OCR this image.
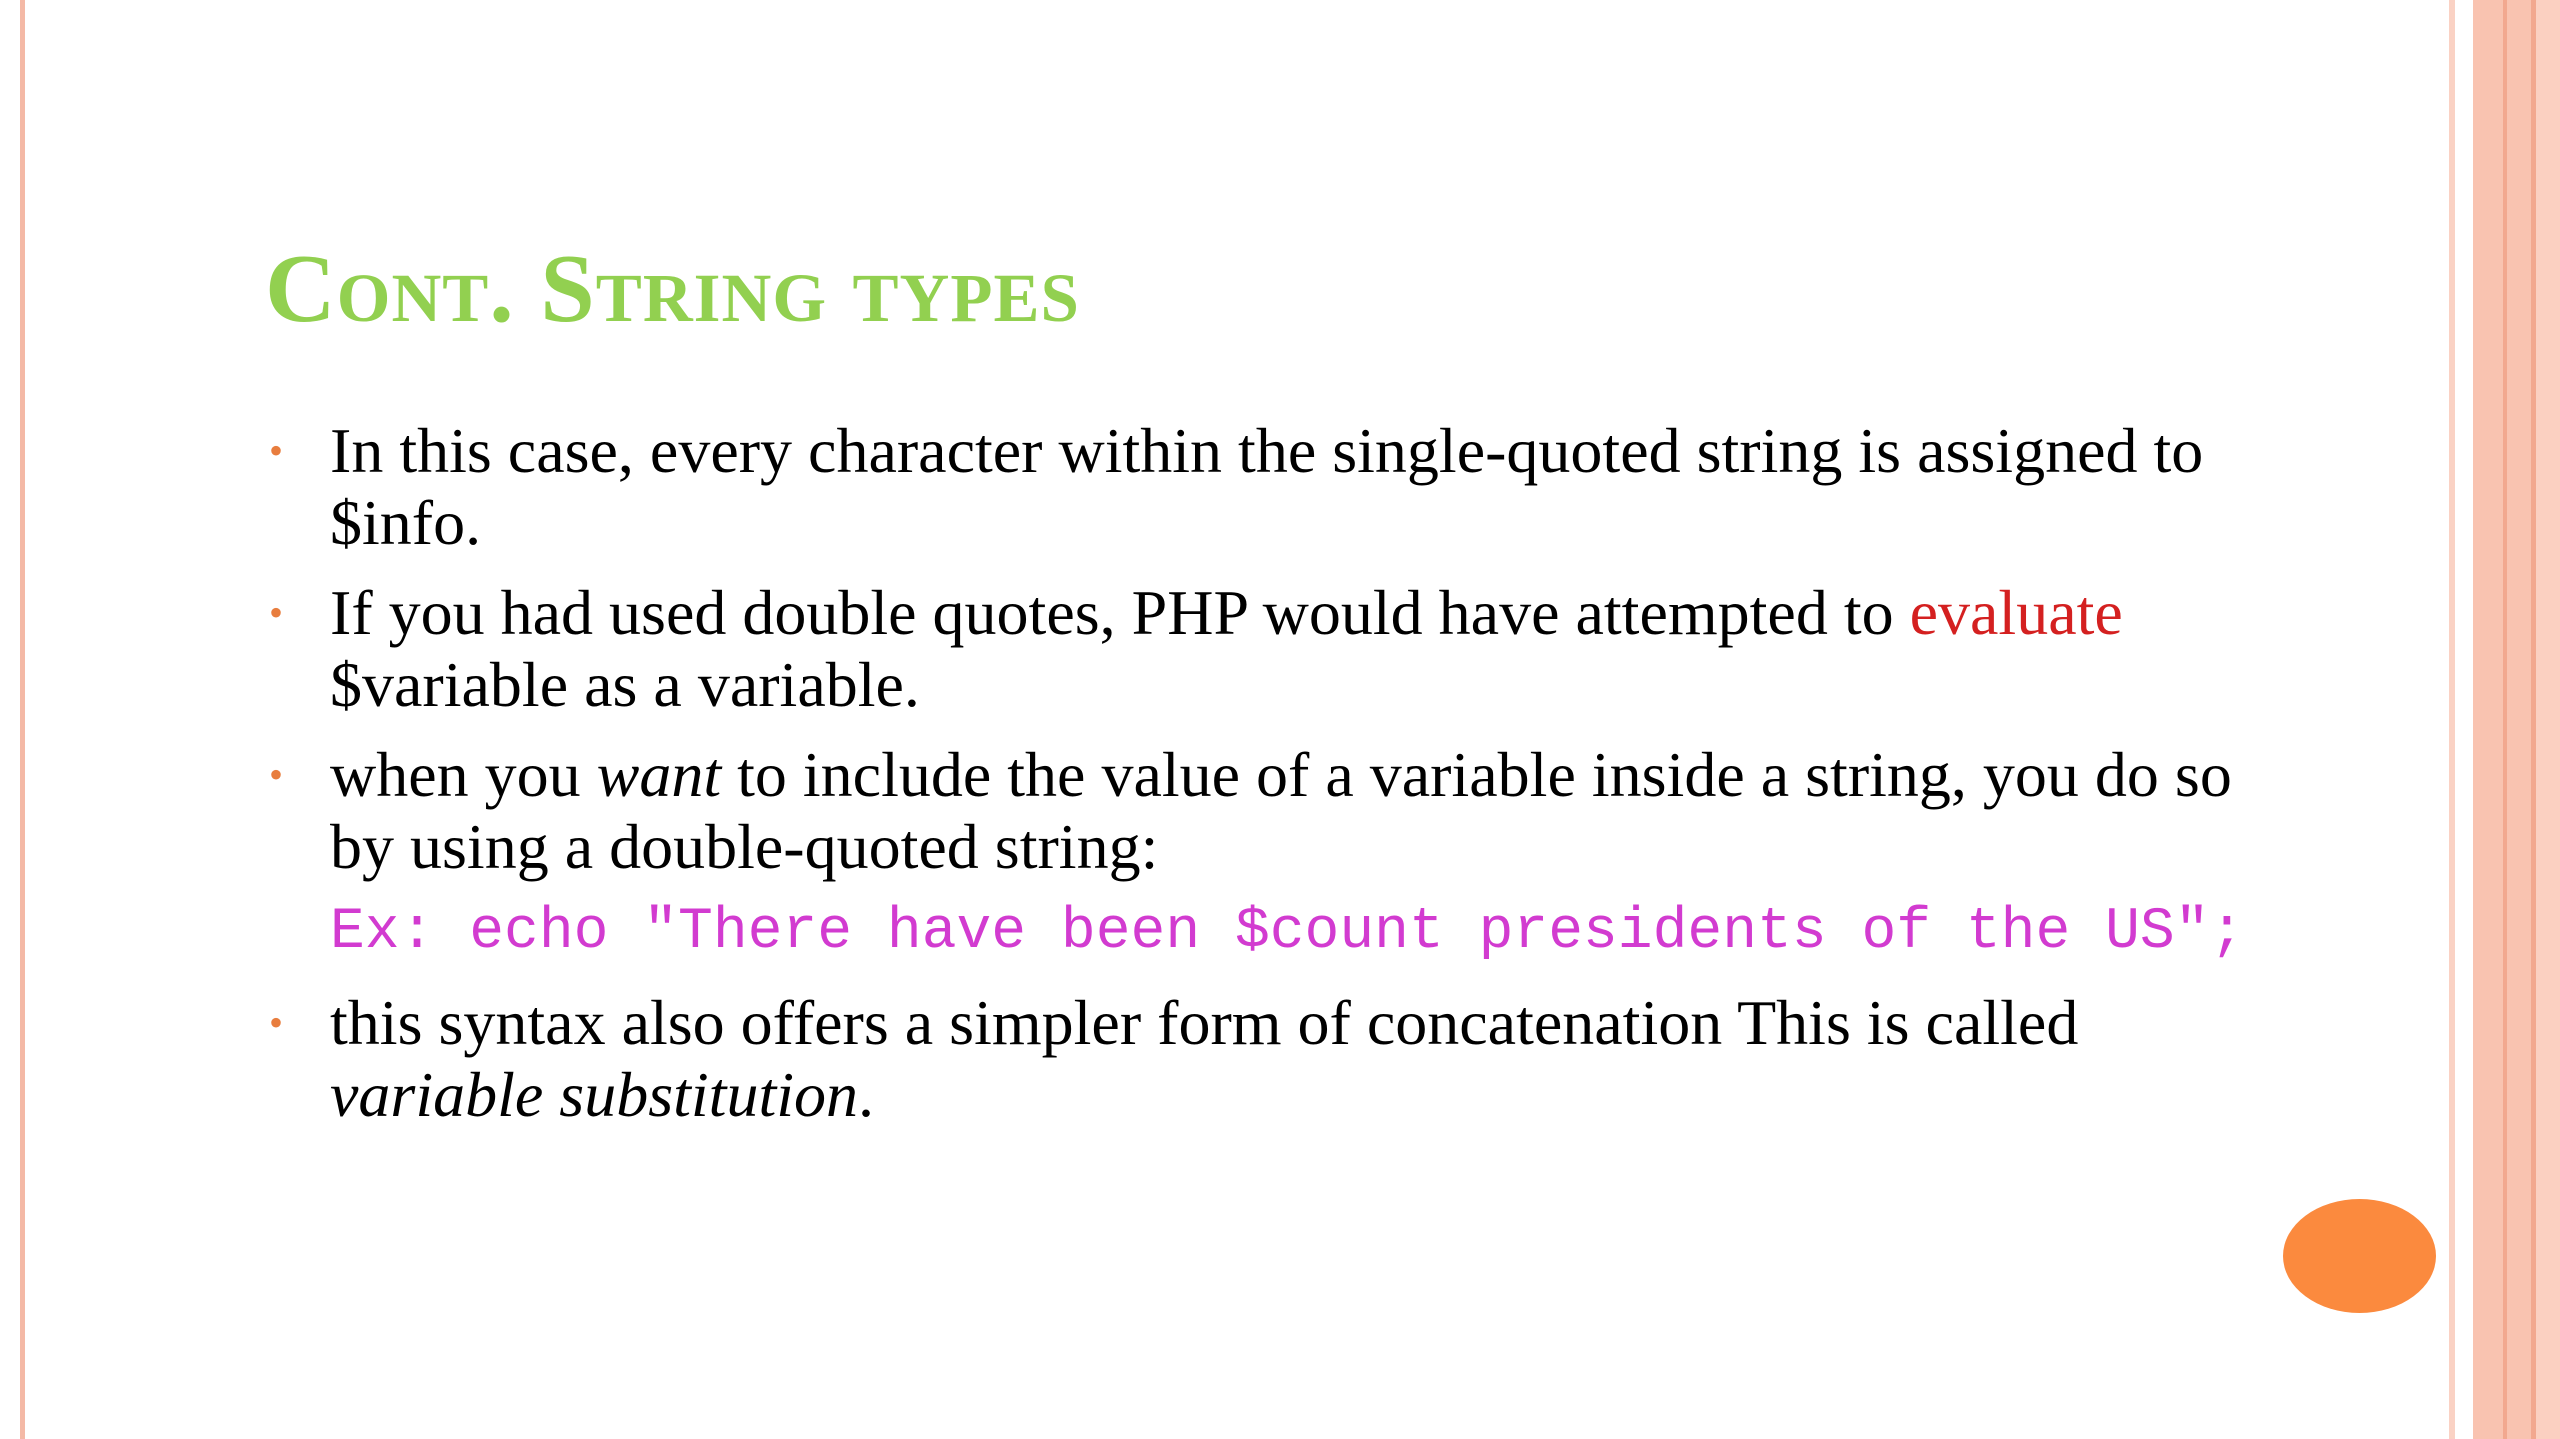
Cont. String types
• In this case, every character within the single-quoted string is assigned to $info.
• If you had used double quotes, PHP would have attempted to evaluate $variable as a variable.
• when you want to include the value of a variable inside a string, you do so by using a double-quoted string:
Ex: echo "There have been $count presidents of the US";
• this syntax also offers a simpler form of concatenation This is called variable substitution.
